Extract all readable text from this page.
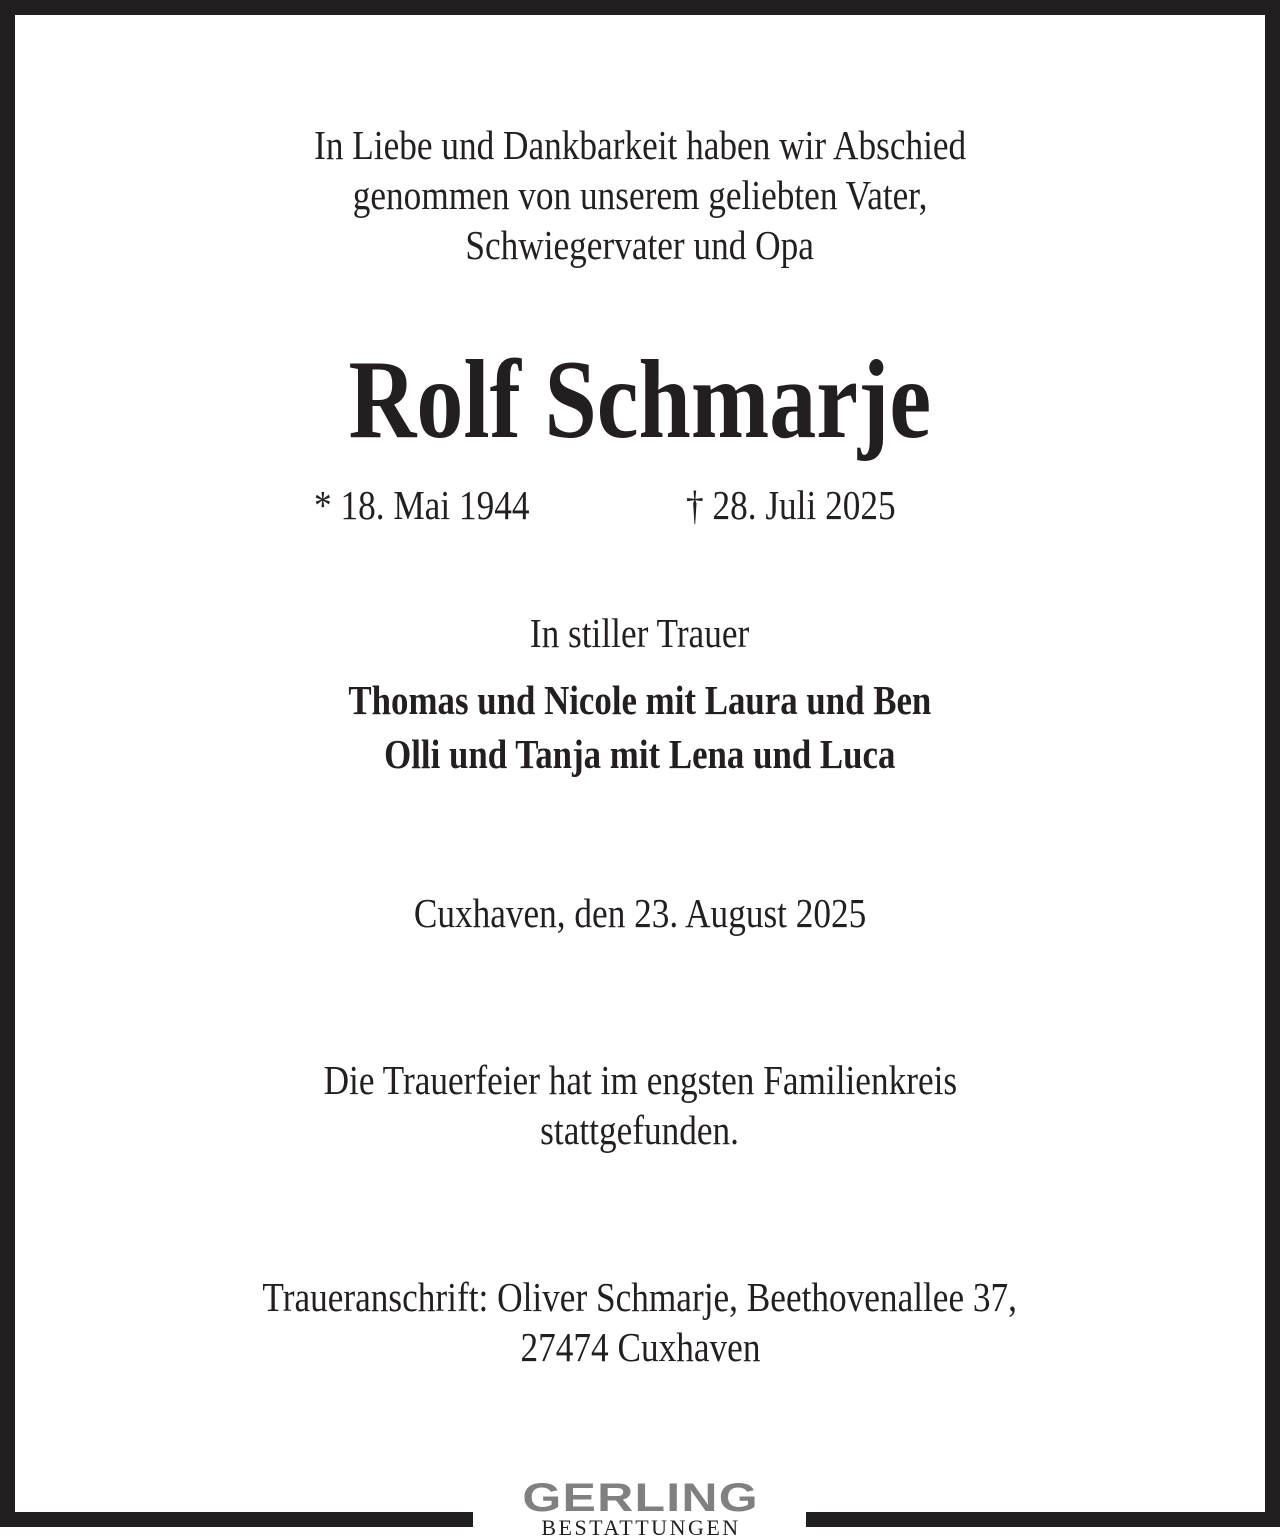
In Liebe und Dankbarkeit haben wir Abschied
genommen von unserem geliebten Vater,
Schwiegervater und Opa
Rolf Schmarje
* 18. Mai 1944	† 28. Juli 2025
In stiller Trauer
Thomas und Nicole mit Laura und Ben
Olli und Tanja mit Lena und Luca
Cuxhaven, den 23. August 2025
Die Trauerfeier hat im engsten Familienkreis
stattgefunden.
Traueranschrift: Oliver Schmarje, Beethovenallee 37,
27474 Cuxhaven
GERLING
BESTATTUNGEN
